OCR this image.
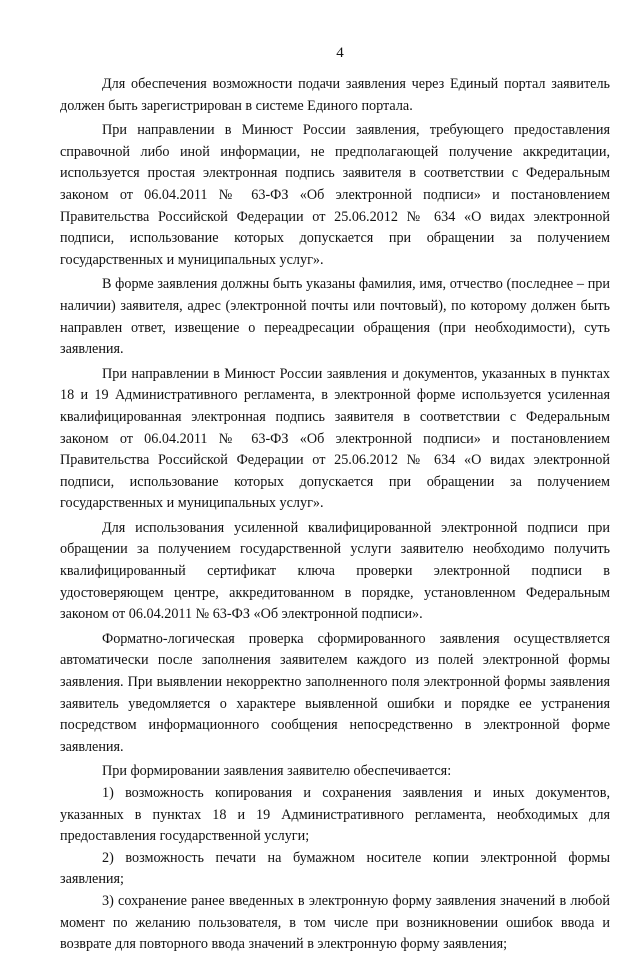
4

Для обеспечения возможности подачи заявления через Единый портал заявитель должен быть зарегистрирован в системе Единого портала.

При направлении в Минюст России заявления, требующего предоставления справочной либо иной информации, не предполагающей получение аккредитации, используется простая электронная подпись заявителя в соответствии с Федеральным законом от 06.04.2011 № 63-ФЗ «Об электронной подписи» и постановлением Правительства Российской Федерации от 25.06.2012 № 634 «О видах электронной подписи, использование которых допускается при обращении за получением государственных и муниципальных услуг».

В форме заявления должны быть указаны фамилия, имя, отчество (последнее – при наличии) заявителя, адрес (электронной почты или почтовый), по которому должен быть направлен ответ, извещение о переадресации обращения (при необходимости), суть заявления.

При направлении в Минюст России заявления и документов, указанных в пунктах 18 и 19 Административного регламента, в электронной форме используется усиленная квалифицированная электронная подпись заявителя в соответствии с Федеральным законом от 06.04.2011 № 63-ФЗ «Об электронной подписи» и постановлением Правительства Российской Федерации от 25.06.2012 № 634 «О видах электронной подписи, использование которых допускается при обращении за получением государственных и муниципальных услуг».

Для использования усиленной квалифицированной электронной подписи при обращении за получением государственной услуги заявителю необходимо получить квалифицированный сертификат ключа проверки электронной подписи в удостоверяющем центре, аккредитованном в порядке, установленном Федеральным законом от 06.04.2011 № 63-ФЗ «Об электронной подписи».

Форматно-логическая проверка сформированного заявления осуществляется автоматически после заполнения заявителем каждого из полей электронной формы заявления. При выявлении некорректно заполненного поля электронной формы заявления заявитель уведомляется о характере выявленной ошибки и порядке ее устранения посредством информационного сообщения непосредственно в электронной форме заявления.

При формировании заявления заявителю обеспечивается:

1) возможность копирования и сохранения заявления и иных документов, указанных в пунктах 18 и 19 Административного регламента, необходимых для предоставления государственной услуги;

2) возможность печати на бумажном носителе копии электронной формы заявления;

3) сохранение ранее введенных в электронную форму заявления значений в любой момент по желанию пользователя, в том числе при возникновении ошибок ввода и возврате для повторного ввода значений в электронную форму заявления;
